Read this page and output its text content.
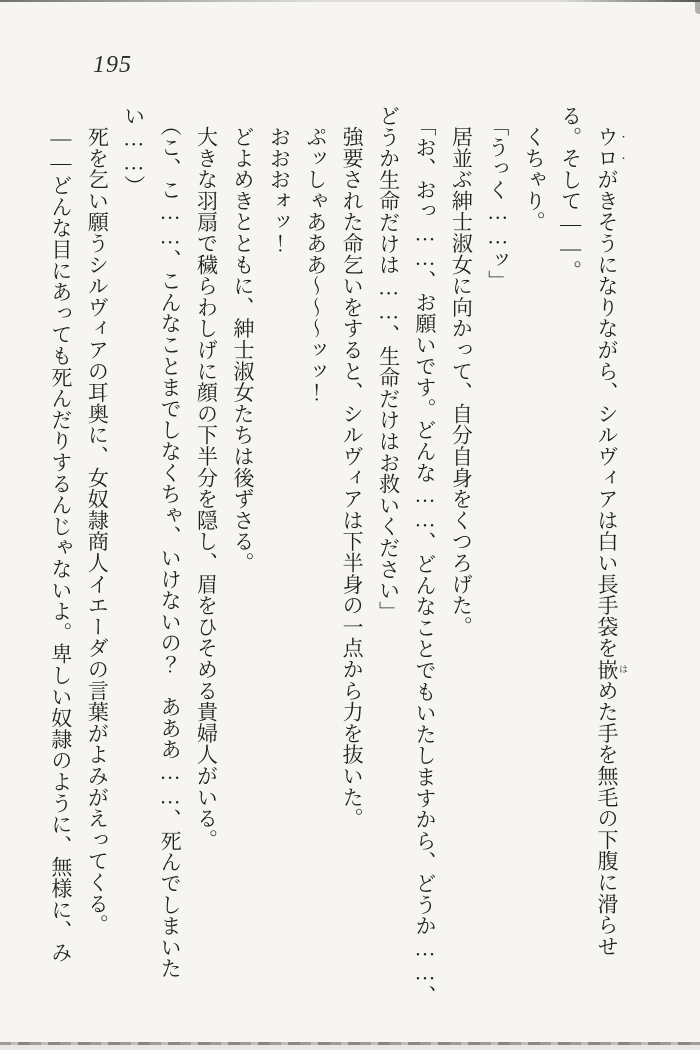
195

ウ ・ロ ・がきそうになりながら、シルヴィアは白い長手袋を嵌 はめた手を無毛の下腹に滑らせ

る。そして――。

くちゃり。

「うっく……ッ」

居並ぶ紳士淑女に向かって、自分自身をくつろげた。

「お、おっ……、お願いです。どんな……、どんなことでもいたしますから、どうか……、

どうか生命だけは……、生命だけはお救いください」

強要された命乞いをすると、シルヴィアは下半身の一点から力を抜いた。

ぷッしゃあああ～～～ッッ！

おおおォッ！

どよめきとともに、紳士淑女たちは後ずさる。

大きな羽扇で穢らわしげに顔の下半分を隠し、眉をひそめる貴婦人がいる。

（こ、こ……、こんなことまでしなくちゃ、いけないの？　あああ……、死んでしまいた

い……）

死を乞い願うシルヴィアの耳奥に、女奴隷商人イエーダの言葉がよみがえってくる。

――どんな目にあっても死んだりするんじゃないよ。卑しい奴隷のように、無様に、み
